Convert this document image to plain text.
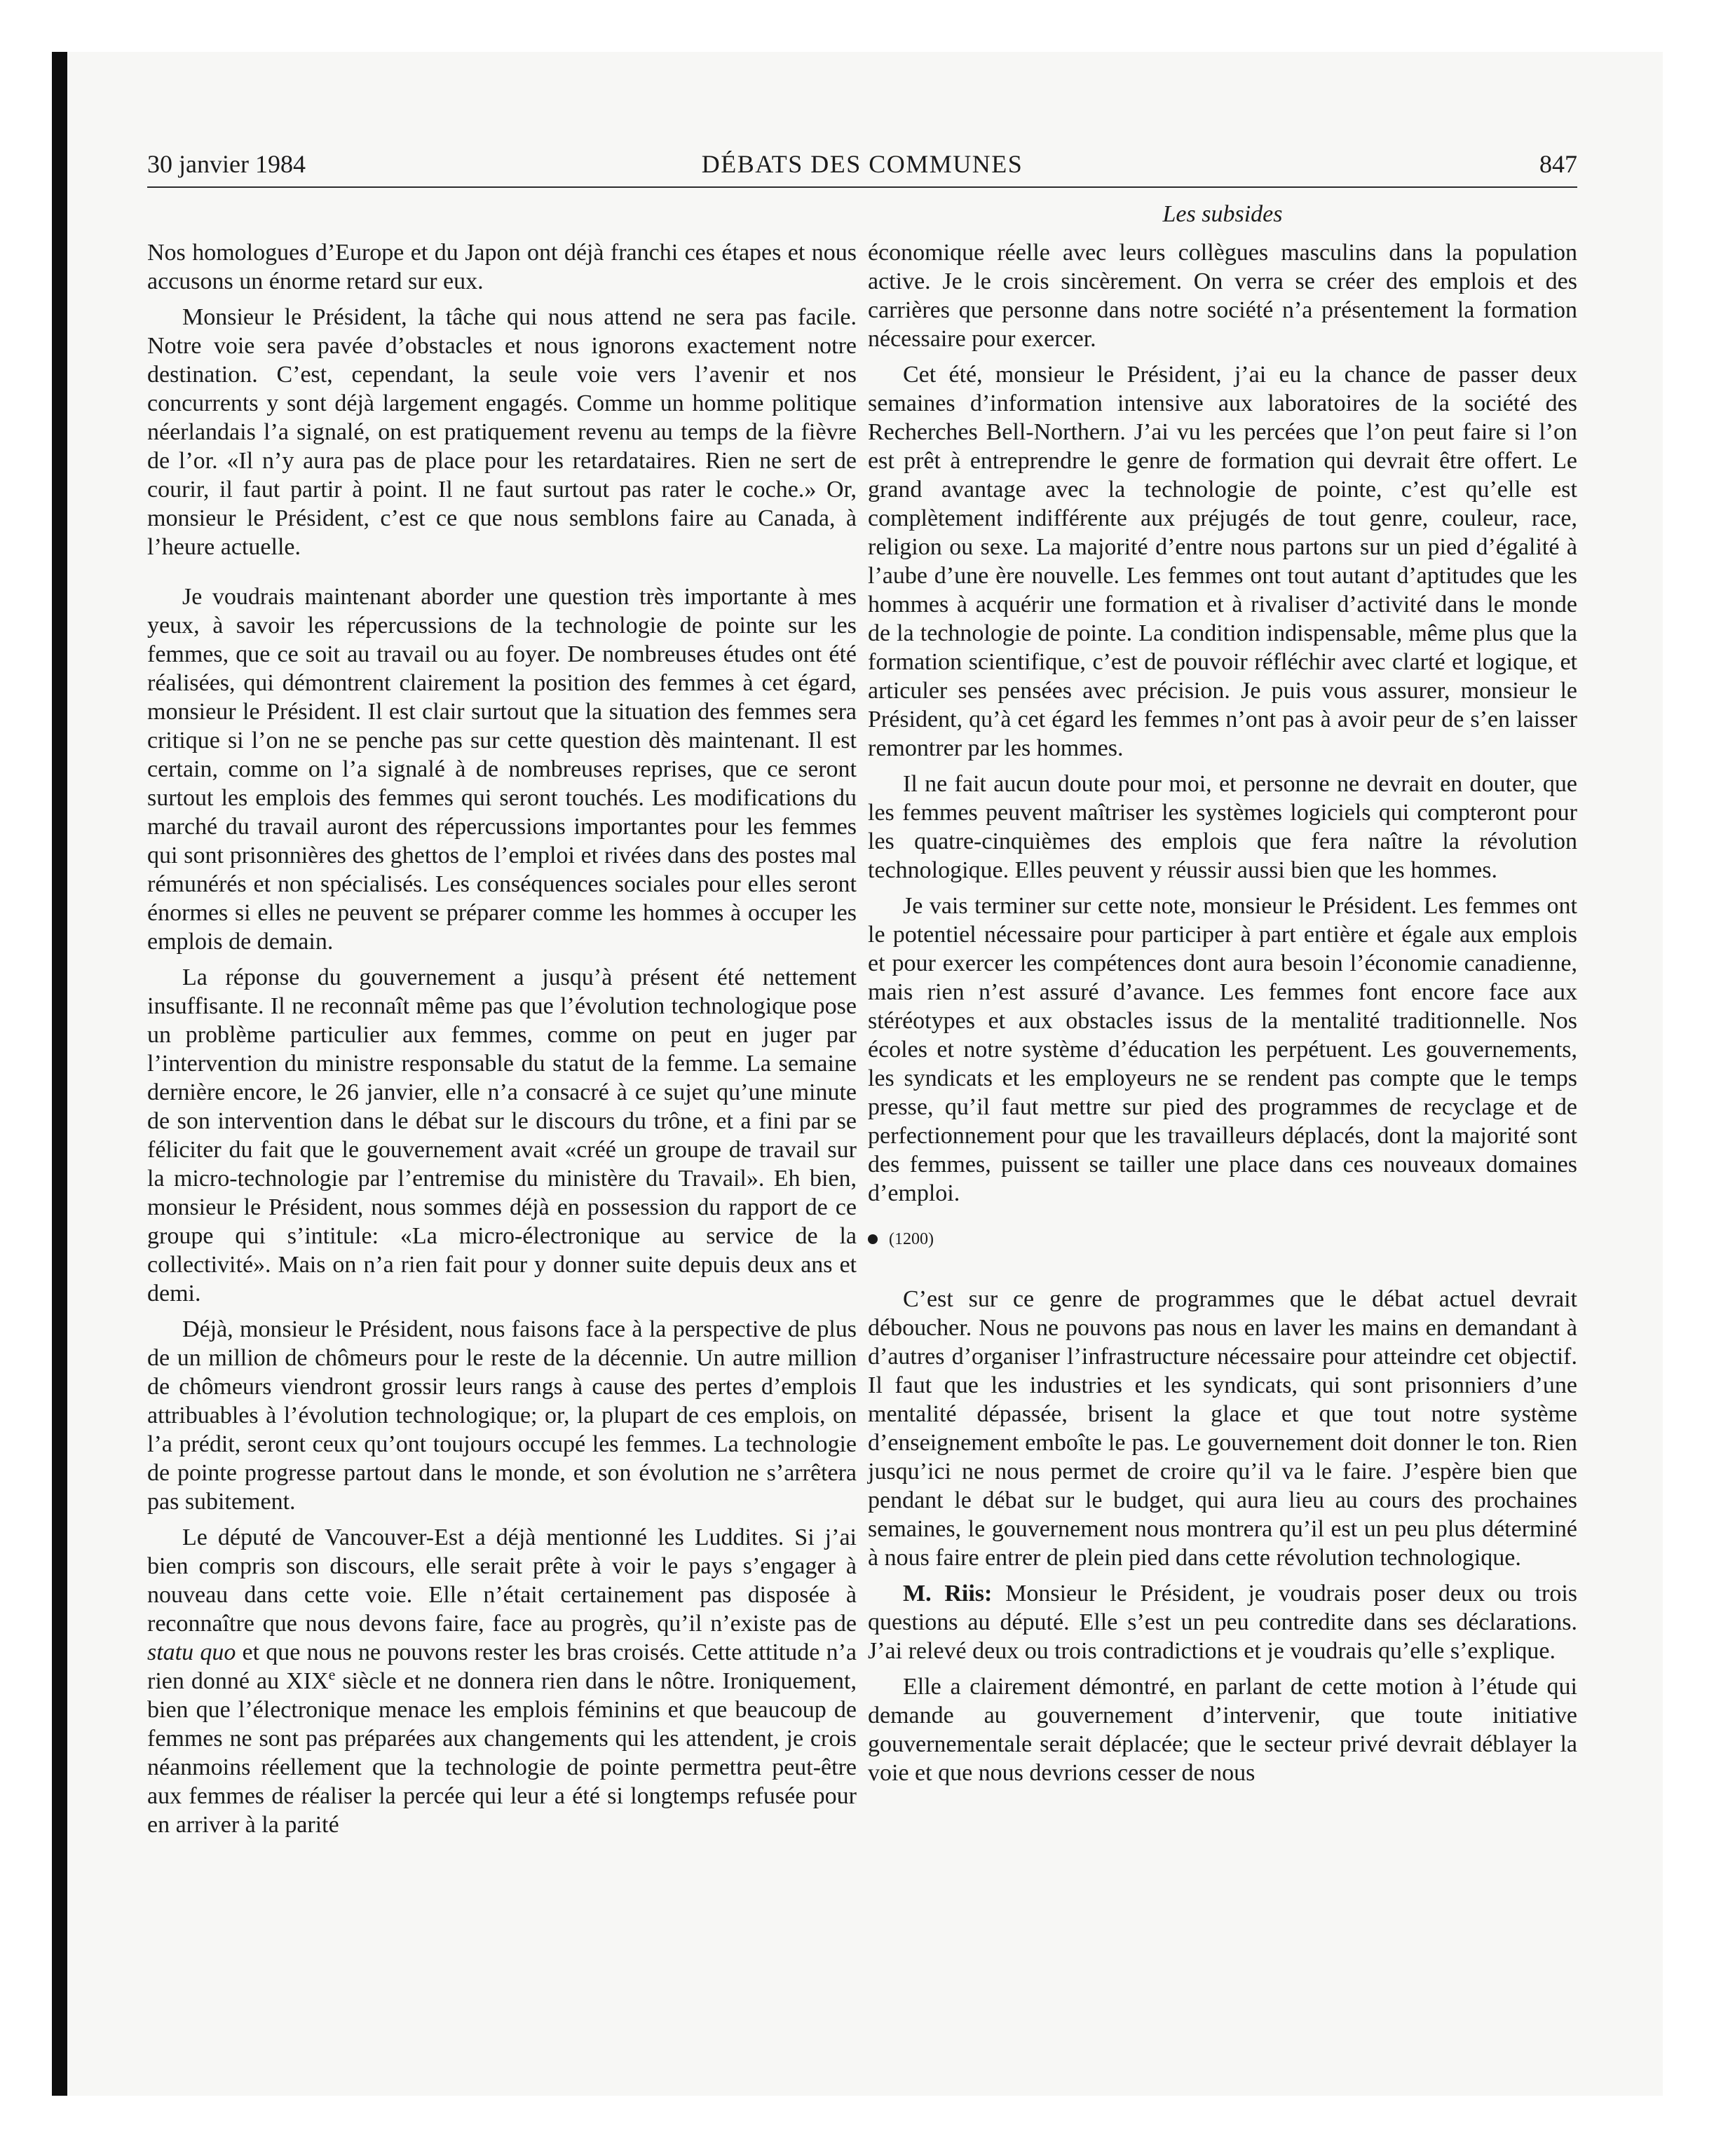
30 janvier 1984	DÉBATS DES COMMUNES	847
Les subsides

Nos homologues d’Europe et du Japon ont déjà franchi ces étapes et nous accusons un énorme retard sur eux.

Monsieur le Président, la tâche qui nous attend ne sera pas facile. Notre voie sera pavée d’obstacles et nous ignorons exactement notre destination. C’est, cependant, la seule voie vers l’avenir et nos concurrents y sont déjà largement engagés. Comme un homme politique néerlandais l’a signalé, on est pratiquement revenu au temps de la fièvre de l’or. «Il n’y aura pas de place pour les retardataires. Rien ne sert de courir, il faut partir à point. Il ne faut surtout pas rater le coche.» Or, monsieur le Président, c’est ce que nous semblons faire au Canada, à l’heure actuelle.

Je voudrais maintenant aborder une question très importante à mes yeux, à savoir les répercussions de la technologie de pointe sur les femmes, que ce soit au travail ou au foyer. De nombreuses études ont été réalisées, qui démontrent clairement la position des femmes à cet égard, monsieur le Président. Il est clair surtout que la situation des femmes sera critique si l’on ne se penche pas sur cette question dès maintenant. Il est certain, comme on l’a signalé à de nombreuses reprises, que ce seront surtout les emplois des femmes qui seront touchés. Les modifications du marché du travail auront des répercussions importantes pour les femmes qui sont prisonnières des ghettos de l’emploi et rivées dans des postes mal rémunérés et non spécialisés. Les conséquences sociales pour elles seront énormes si elles ne peuvent se préparer comme les hommes à occuper les emplois de demain.

La réponse du gouvernement a jusqu’à présent été nettement insuffisante. Il ne reconnaît même pas que l’évolution technologique pose un problème particulier aux femmes, comme on peut en juger par l’intervention du ministre responsable du statut de la femme. La semaine dernière encore, le 26 janvier, elle n’a consacré à ce sujet qu’une minute de son intervention dans le débat sur le discours du trône, et a fini par se féliciter du fait que le gouvernement avait «créé un groupe de travail sur la micro-technologie par l’entremise du ministère du Travail». Eh bien, monsieur le Président, nous sommes déjà en possession du rapport de ce groupe qui s’intitule: «La micro-électronique au service de la collectivité». Mais on n’a rien fait pour y donner suite depuis deux ans et demi.

Déjà, monsieur le Président, nous faisons face à la perspective de plus de un million de chômeurs pour le reste de la décennie. Un autre million de chômeurs viendront grossir leurs rangs à cause des pertes d’emplois attribuables à l’évolution technologique; or, la plupart de ces emplois, on l’a prédit, seront ceux qu’ont toujours occupé les femmes. La technologie de pointe progresse partout dans le monde, et son évolution ne s’arrêtera pas subitement.

Le député de Vancouver-Est a déjà mentionné les Luddites. Si j’ai bien compris son discours, elle serait prête à voir le pays s’engager à nouveau dans cette voie. Elle n’était certainement pas disposée à reconnaître que nous devons faire, face au progrès, qu’il n’existe pas de statu quo et que nous ne pouvons rester les bras croisés. Cette attitude n’a rien donné au XIXe siècle et ne donnera rien dans le nôtre. Ironiquement, bien que l’électronique menace les emplois féminins et que beaucoup de femmes ne sont pas préparées aux changements qui les attendent, je crois néanmoins réellement que la technologie de pointe permettra peut-être aux femmes de réaliser la percée qui leur a été si longtemps refusée pour en arriver à la parité

économique réelle avec leurs collègues masculins dans la population active. Je le crois sincèrement. On verra se créer des emplois et des carrières que personne dans notre société n’a présentement la formation nécessaire pour exercer.

Cet été, monsieur le Président, j’ai eu la chance de passer deux semaines d’information intensive aux laboratoires de la société des Recherches Bell-Northern. J’ai vu les percées que l’on peut faire si l’on est prêt à entreprendre le genre de formation qui devrait être offert. Le grand avantage avec la technologie de pointe, c’est qu’elle est complètement indifférente aux préjugés de tout genre, couleur, race, religion ou sexe. La majorité d’entre nous partons sur un pied d’égalité à l’aube d’une ère nouvelle. Les femmes ont tout autant d’aptitudes que les hommes à acquérir une formation et à rivaliser d’activité dans le monde de la technologie de pointe. La condition indispensable, même plus que la formation scientifique, c’est de pouvoir réfléchir avec clarté et logique, et articuler ses pensées avec précision. Je puis vous assurer, monsieur le Président, qu’à cet égard les femmes n’ont pas à avoir peur de s’en laisser remontrer par les hommes.

Il ne fait aucun doute pour moi, et personne ne devrait en douter, que les femmes peuvent maîtriser les systèmes logiciels qui compteront pour les quatre-cinquièmes des emplois que fera naître la révolution technologique. Elles peuvent y réussir aussi bien que les hommes.

Je vais terminer sur cette note, monsieur le Président. Les femmes ont le potentiel nécessaire pour participer à part entière et égale aux emplois et pour exercer les compétences dont aura besoin l’économie canadienne, mais rien n’est assuré d’avance. Les femmes font encore face aux stéréotypes et aux obstacles issus de la mentalité traditionnelle. Nos écoles et notre système d’éducation les perpétuent. Les gouvernements, les syndicats et les employeurs ne se rendent pas compte que le temps presse, qu’il faut mettre sur pied des programmes de recyclage et de perfectionnement pour que les travailleurs déplacés, dont la majorité sont des femmes, puissent se tailler une place dans ces nouveaux domaines d’emploi.

(1200)

C’est sur ce genre de programmes que le débat actuel devrait déboucher. Nous ne pouvons pas nous en laver les mains en demandant à d’autres d’organiser l’infrastructure nécessaire pour atteindre cet objectif. Il faut que les industries et les syndicats, qui sont prisonniers d’une mentalité dépassée, brisent la glace et que tout notre système d’enseignement emboîte le pas. Le gouvernement doit donner le ton. Rien jusqu’ici ne nous permet de croire qu’il va le faire. J’espère bien que pendant le débat sur le budget, qui aura lieu au cours des prochaines semaines, le gouvernement nous montrera qu’il est un peu plus déterminé à nous faire entrer de plein pied dans cette révolution technologique.

M. Riis: Monsieur le Président, je voudrais poser deux ou trois questions au député. Elle s’est un peu contredite dans ses déclarations. J’ai relevé deux ou trois contradictions et je voudrais qu’elle s’explique.

Elle a clairement démontré, en parlant de cette motion à l’étude qui demande au gouvernement d’intervenir, que toute initiative gouvernementale serait déplacée; que le secteur privé devrait déblayer la voie et que nous devrions cesser de nous
